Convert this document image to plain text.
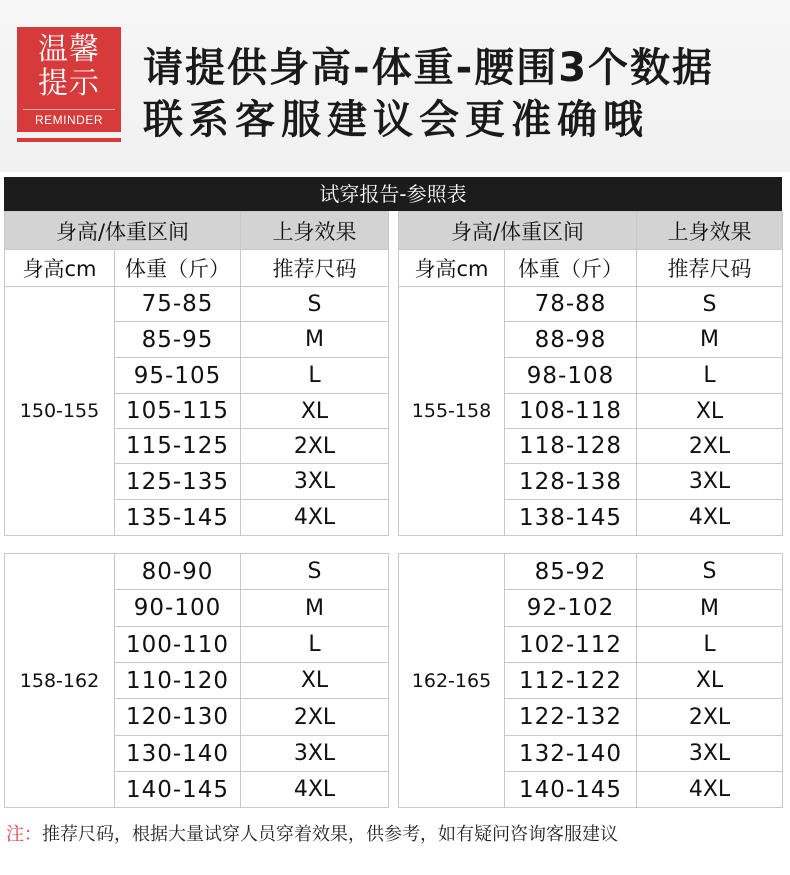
温馨
提示
REMINDER
请提供身高-体重-腰围3个数据
联系客服建议会更准确哦
试穿报告-参照表
身高/体重区间		上身效果
身高cm	体重（斤）	推荐尺码
150-155	75-85	S
	85-95	M
	95-105	L
	105-115	XL
	115-125	2XL
	125-135	3XL
	135-145	4XL
身高/体重区间		上身效果
身高cm	体重（斤）	推荐尺码
155-158	78-88	S
	88-98	M
	98-108	L
	108-118	XL
	118-128	2XL
	128-138	3XL
	138-145	4XL
158-162	80-90	S
	90-100	M
	100-110	L
	110-120	XL
	120-130	2XL
	130-140	3XL
	140-145	4XL
162-165	85-92	S
	92-102	M
	102-112	L
	112-122	XL
	122-132	2XL
	132-140	3XL
	140-145	4XL
注：推荐尺码，根据大量试穿人员穿着效果，供参考，如有疑问咨询客服建议
